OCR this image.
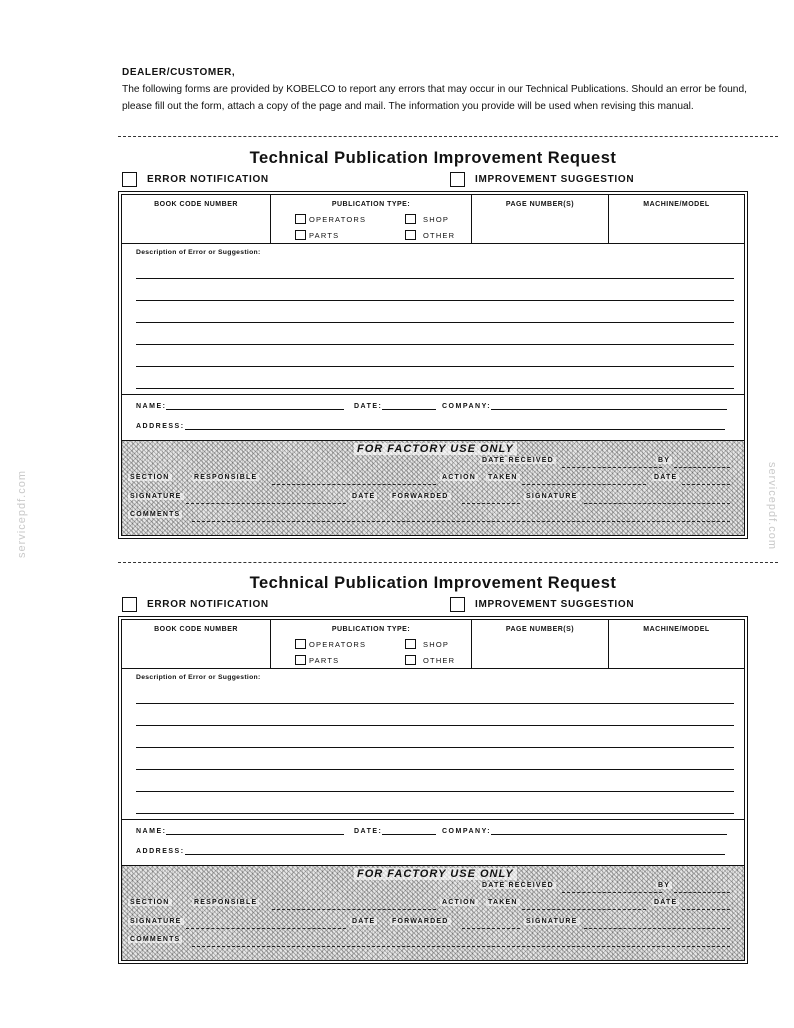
DEALER/CUSTOMER,
The following forms are provided by KOBELCO to report any errors that may occur in our Technical Publications. Should an error be found, please fill out the form, attach a copy of the page and mail. The information you provide will be used when revising this manual.
servicepdf.com	servicepdf.com
Technical Publication Improvement Request
ERROR NOTIFICATION	IMPROVEMENT SUGGESTION
BOOK CODE NUMBER	PUBLICATION TYPE:
OPERATORS	SHOP
PARTS	OTHER
PAGE NUMBER(S)	MACHINE/MODEL
Description of Error or Suggestion:
NAME:	DATE:	COMPANY:
ADDRESS:
FOR FACTORY USE ONLY
DATE RECEIVED	BY
SECTION	RESPONSIBLE	ACTION TAKEN	DATE
SIGNATURE	DATE FORWARDED	SIGNATURE
COMMENTS
Technical Publication Improvement Request
ERROR NOTIFICATION	IMPROVEMENT SUGGESTION
BOOK CODE NUMBER	PUBLICATION TYPE:
OPERATORS	SHOP
PARTS	OTHER
PAGE NUMBER(S)	MACHINE/MODEL
Description of Error or Suggestion:
NAME:	DATE:	COMPANY:
ADDRESS:
FOR FACTORY USE ONLY
DATE RECEIVED	BY
SECTION	RESPONSIBLE	ACTION TAKEN	DATE
SIGNATURE	DATE FORWARDED	SIGNATURE
COMMENTS
